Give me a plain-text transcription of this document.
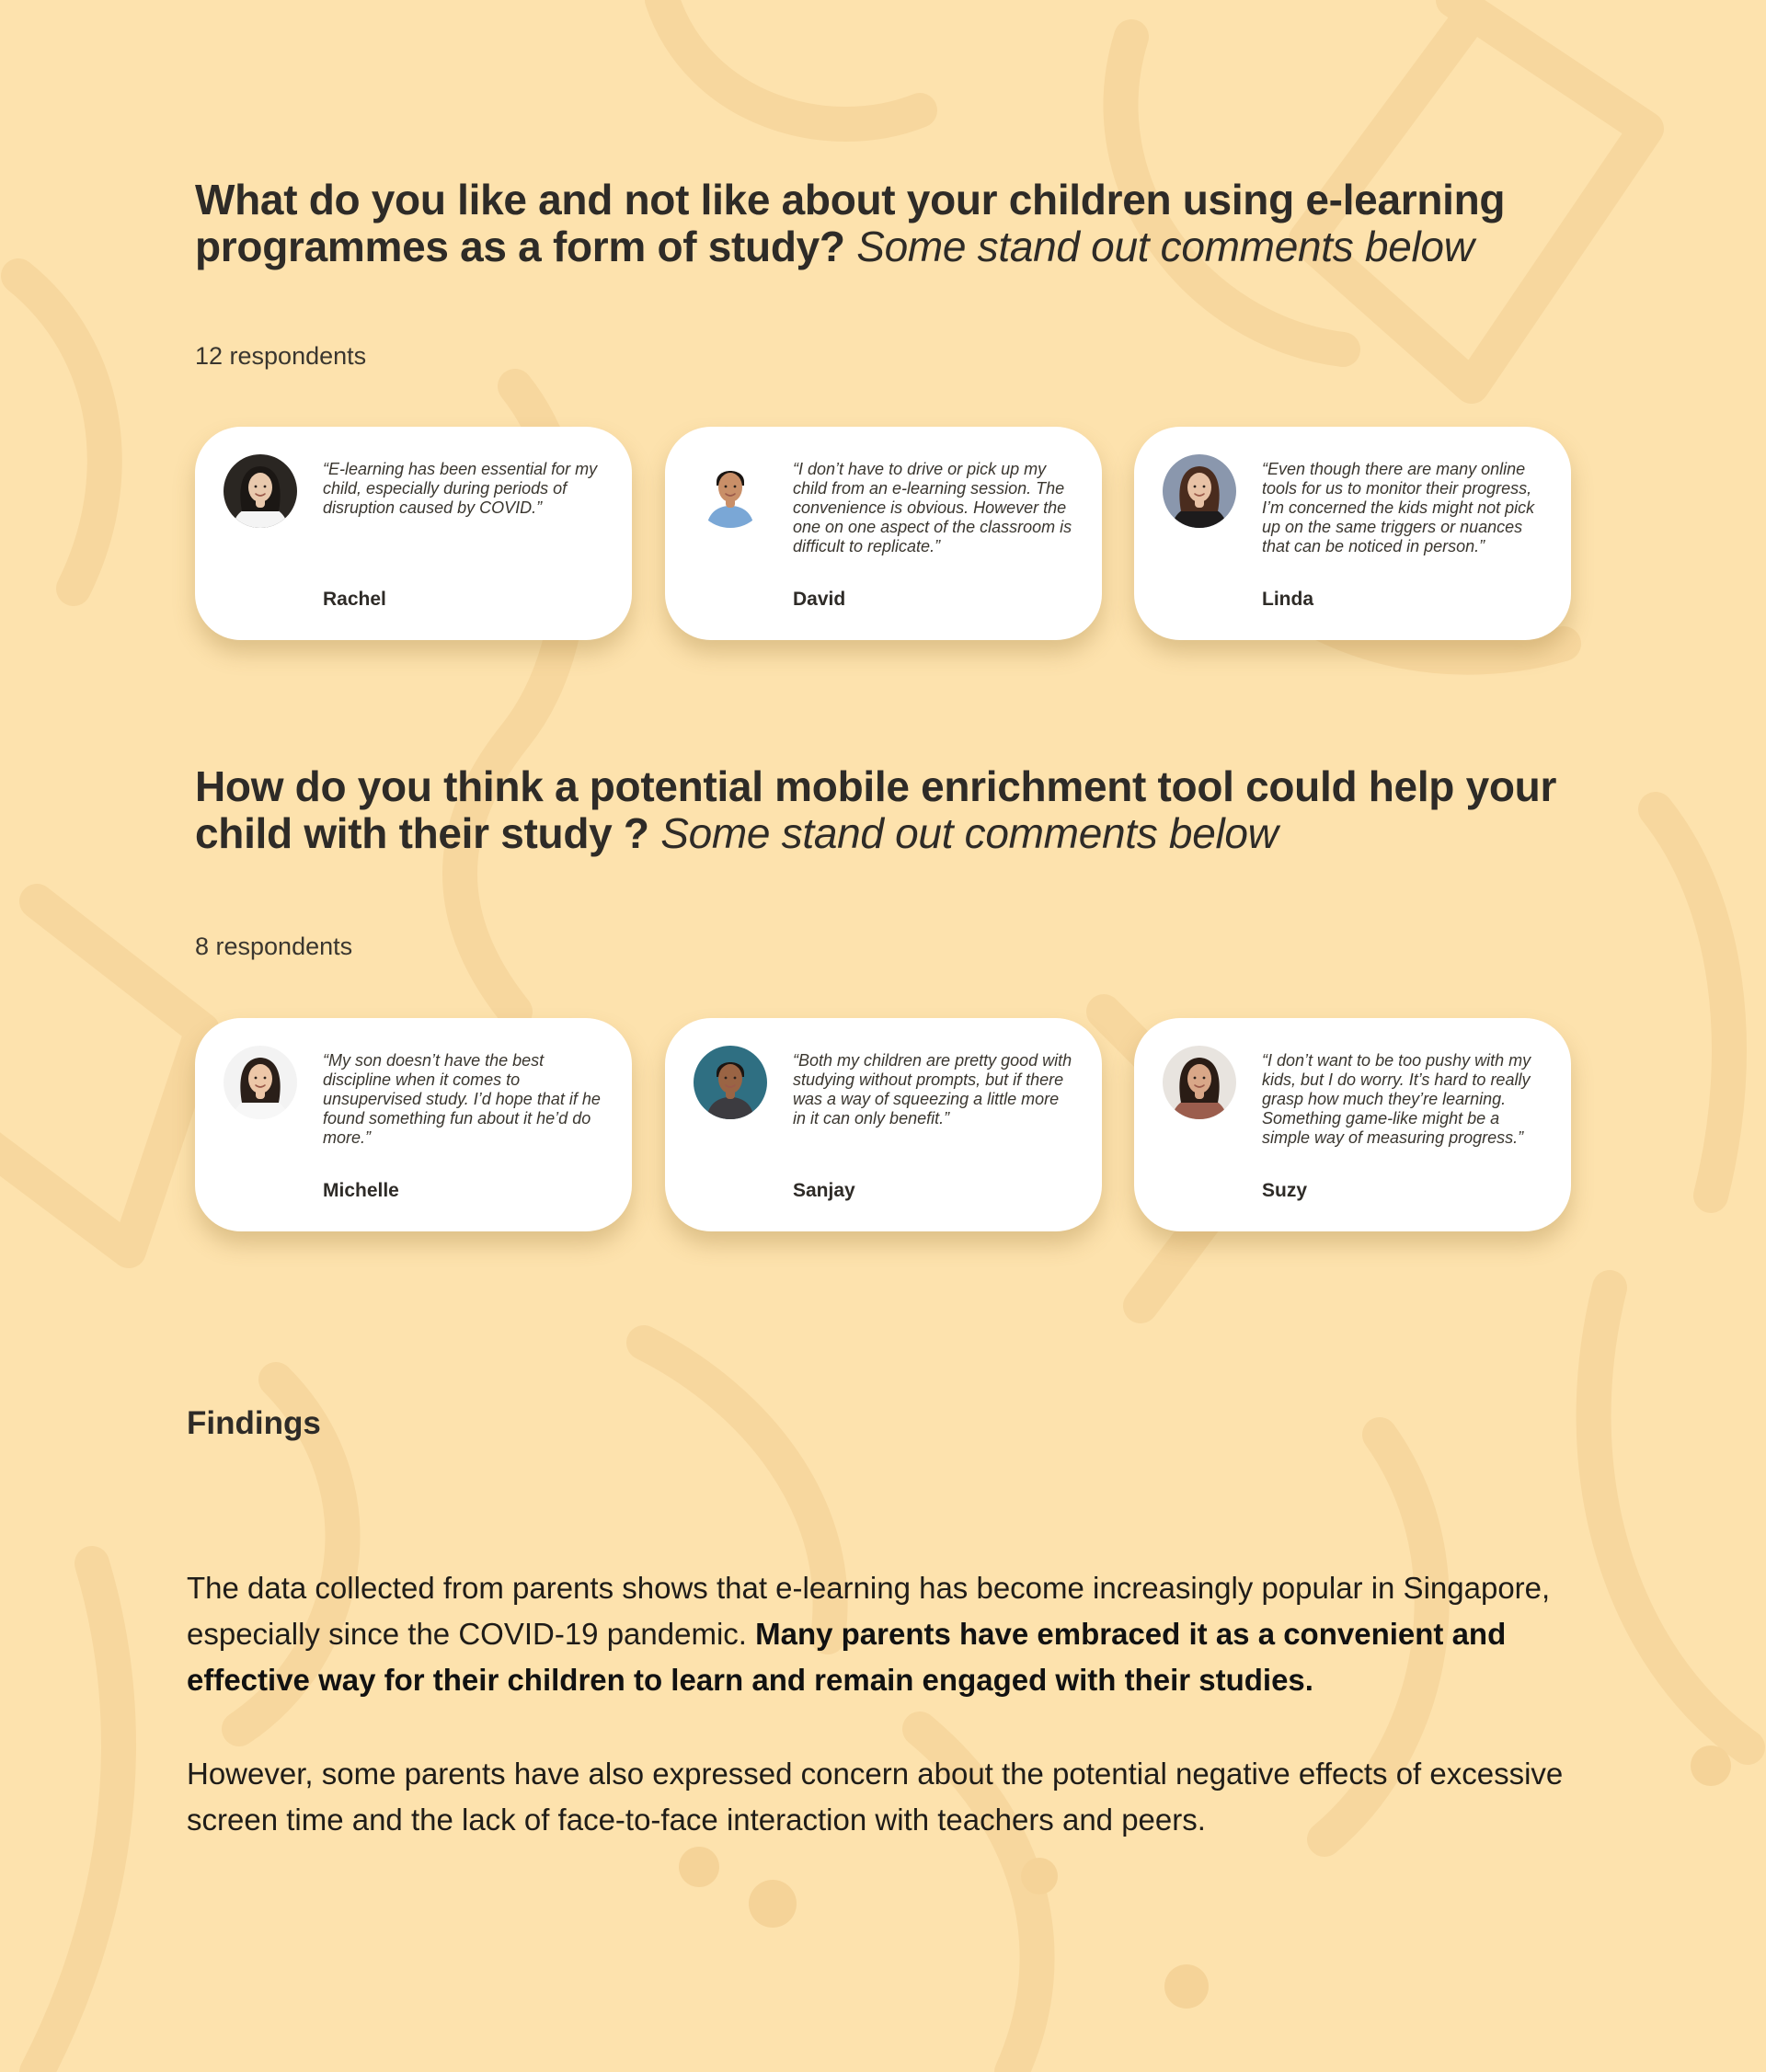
What do you like and not like about your children using e-learning programmes as a form of study? Some stand out comments below

12 respondents

“E-learning has been essential for my child, especially during periods of disruption caused by COVID.”

Rachel

“I don’t have to drive or pick up my child from an e-learning session. The convenience is obvious. However the one on one aspect of the classroom is difficult to replicate.”

David

“Even though there are many online tools for us to monitor their progress, I’m concerned the kids might not pick up on the same triggers or nuances that can be noticed in person.”

Linda
How do you think a potential mobile enrichment tool could help your child with their study ? Some stand out comments below

8 respondents

“My son doesn’t have the best discipline when it comes to unsupervised study. I’d hope that if he found something fun about it he’d do more.”

Michelle

“Both my children are pretty good with studying without prompts, but if there was a way of squeezing a little more in it can only benefit.”

Sanjay

“I don’t want to be too pushy with my kids, but I do worry. It’s hard to really grasp how much they’re learning. Something game-like might be a simple way of measuring progress.”

Suzy
Findings

The data collected from parents shows that e-learning has become increasingly popular in Singapore, especially since the COVID-19 pandemic. Many parents have embraced it as a convenient and effective way for their children to learn and remain engaged with their studies.

However, some parents have also expressed concern about the potential negative effects of excessive screen time and the lack of face-to-face interaction with teachers and peers.
